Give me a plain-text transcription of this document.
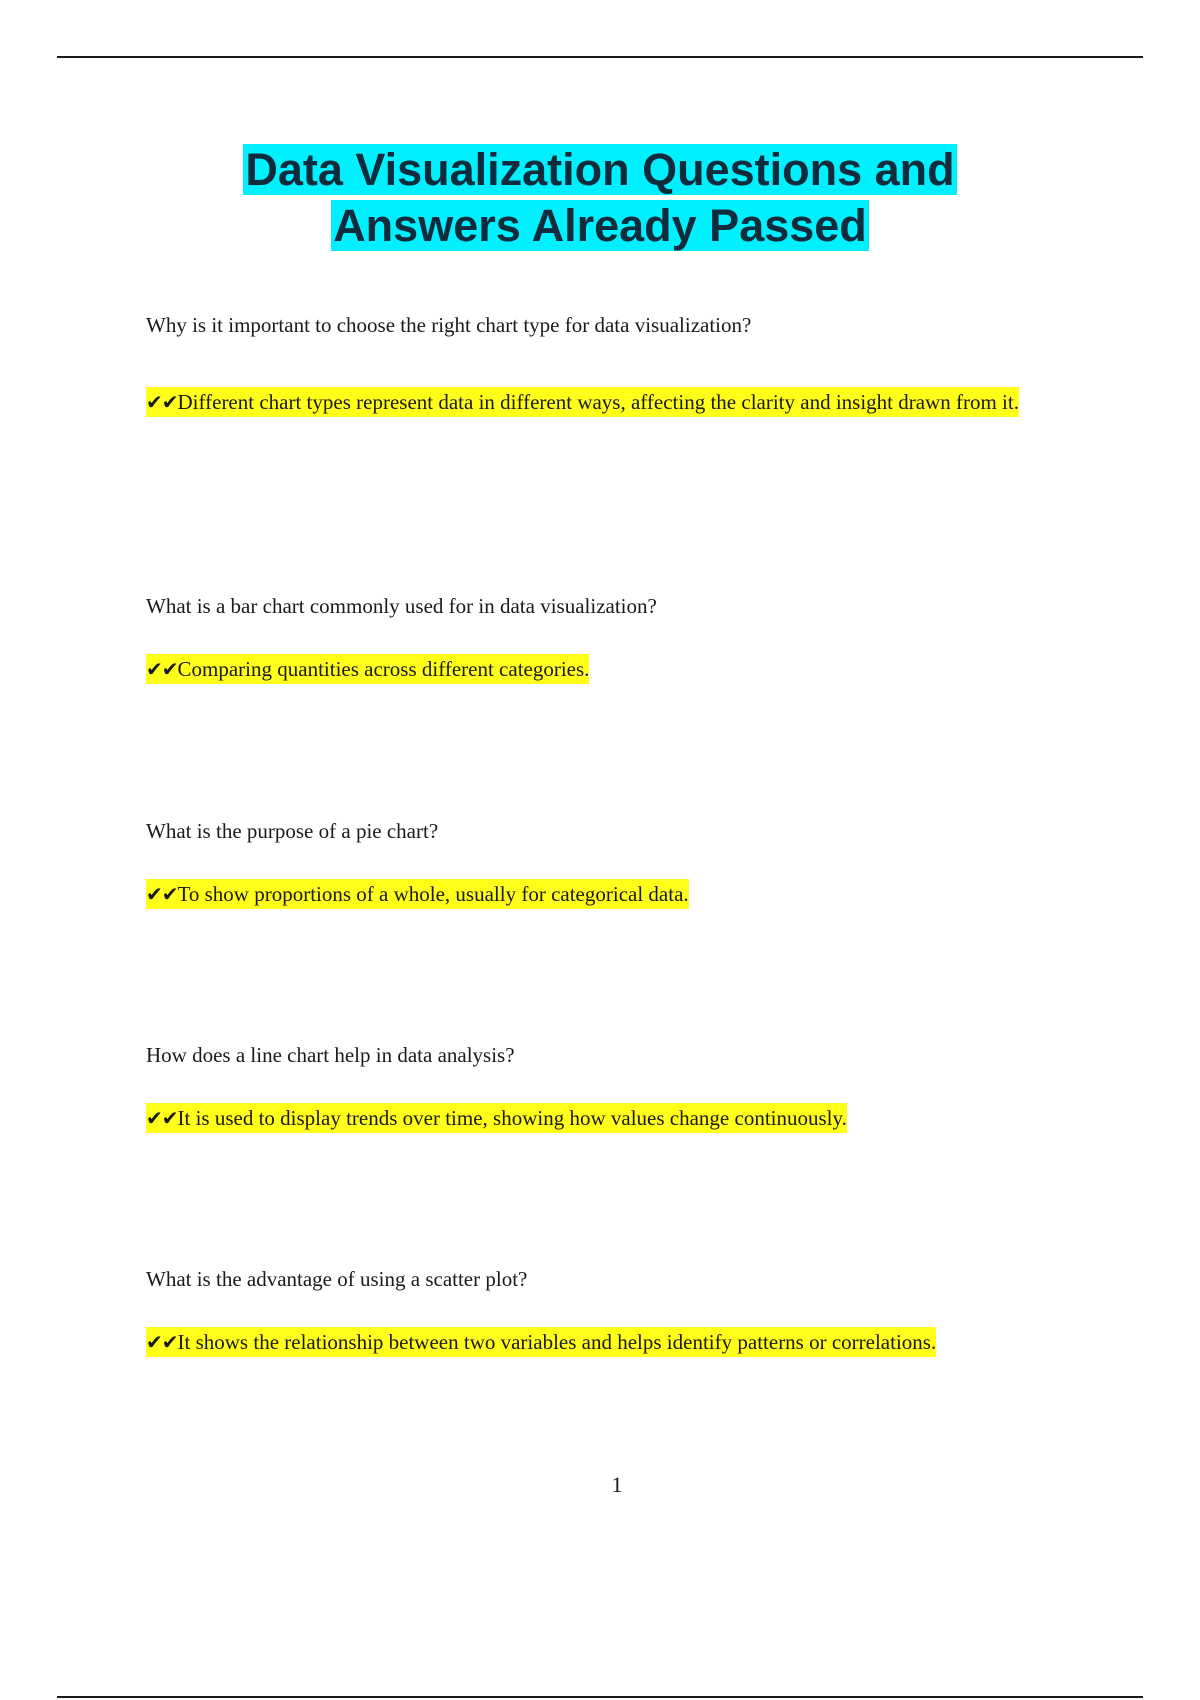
Data Visualization Questions and
Answers Already Passed

Why is it important to choose the right chart type for data visualization?

✔✔Different chart types represent data in different ways, affecting the clarity and insight drawn from it.

What is a bar chart commonly used for in data visualization?

✔✔Comparing quantities across different categories.

What is the purpose of a pie chart?

✔✔To show proportions of a whole, usually for categorical data.

How does a line chart help in data analysis?

✔✔It is used to display trends over time, showing how values change continuously.

What is the advantage of using a scatter plot?

✔✔It shows the relationship between two variables and helps identify patterns or correlations.

1
